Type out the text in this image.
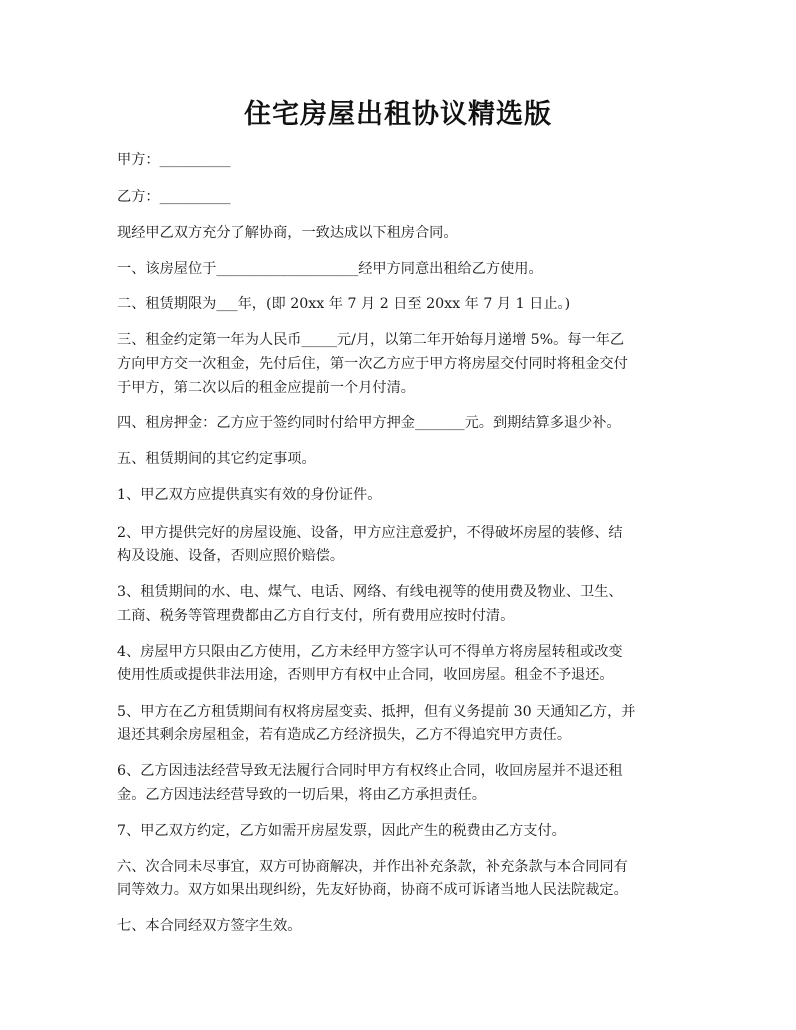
住宅房屋出租协议精选版
甲方：__________
乙方：__________
现经甲乙双方充分了解协商，一致达成以下租房合同。
一、该房屋位于____________________经甲方同意出租给乙方使用。
二、租赁期限为___年，(即 20xx 年 7 月 2 日至 20xx 年 7 月 1 日止。)
三、租金约定第一年为人民币_____元/月，以第二年开始每月递增 5%。每一年乙
方向甲方交一次租金，先付后住，第一次乙方应于甲方将房屋交付同时将租金交付
于甲方，第二次以后的租金应提前一个月付清。
四、租房押金：乙方应于签约同时付给甲方押金_______元。到期结算多退少补。
五、租赁期间的其它约定事项。
1、甲乙双方应提供真实有效的身份证件。
2、甲方提供完好的房屋设施、设备，甲方应注意爱护，不得破坏房屋的装修、结
构及设施、设备，否则应照价赔偿。
3、租赁期间的水、电、煤气、电话、网络、有线电视等的使用费及物业、卫生、
工商、税务等管理费都由乙方自行支付，所有费用应按时付清。
4、房屋甲方只限由乙方使用，乙方未经甲方签字认可不得单方将房屋转租或改变
使用性质或提供非法用途，否则甲方有权中止合同，收回房屋。租金不予退还。
5、甲方在乙方租赁期间有权将房屋变卖、抵押，但有义务提前 30 天通知乙方，并
退还其剩余房屋租金，若有造成乙方经济损失，乙方不得追究甲方责任。
6、乙方因违法经营导致无法履行合同时甲方有权终止合同，收回房屋并不退还租
金。乙方因违法经营导致的一切后果，将由乙方承担责任。
7、甲乙双方约定，乙方如需开房屋发票，因此产生的税费由乙方支付。
六、次合同未尽事宜，双方可协商解决，并作出补充条款，补充条款与本合同同有
同等效力。双方如果出现纠纷，先友好协商，协商不成可诉诸当地人民法院裁定。
七、本合同经双方签字生效。
